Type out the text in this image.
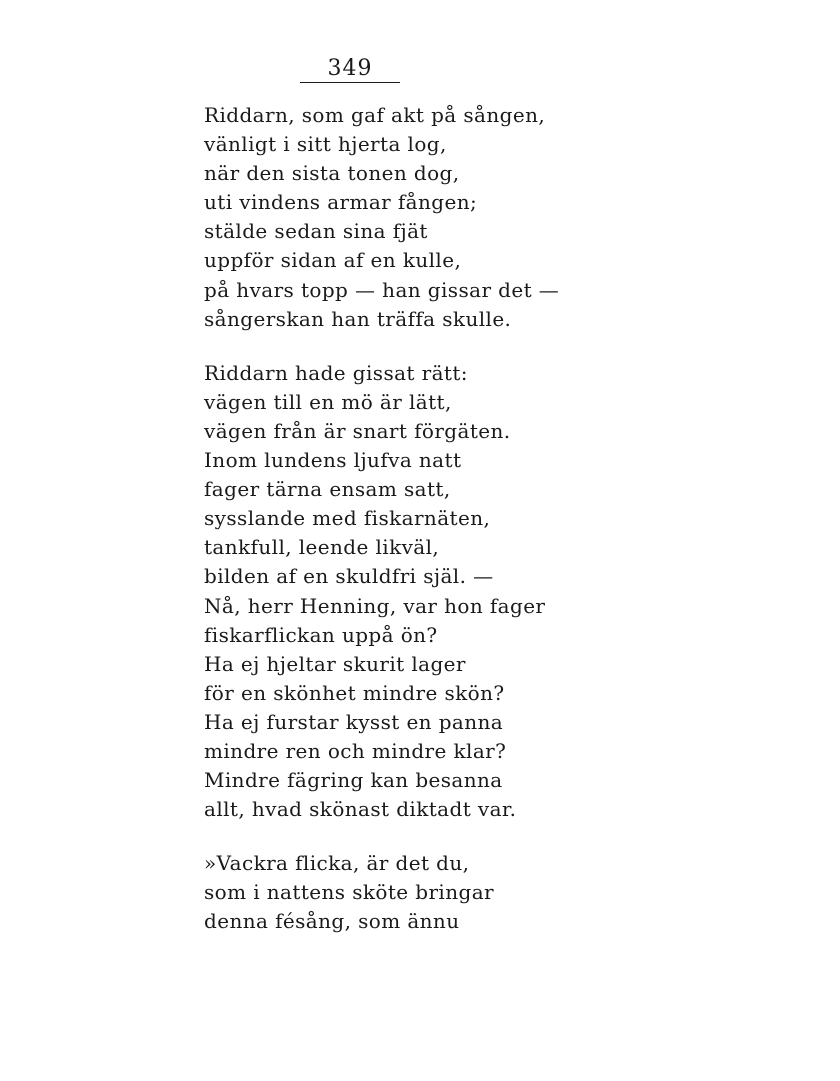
349
Riddarn, som gaf akt på sången,
vänligt i sitt hjerta log,
när den sista tonen dog,
uti vindens armar fången;
stälde sedan sina fjät
uppför sidan af en kulle,
på hvars topp — han gissar det —
sångerskan han träffa skulle.
Riddarn hade gissat rätt:
vägen till en mö är lätt,
vägen från är snart förgäten.
Inom lundens ljufva natt
fager tärna ensam satt,
sysslande med fiskarnäten,
tankfull, leende likväl,
bilden af en skuldfri själ. —
Nå, herr Henning, var hon fager
fiskarflickan uppå ön?
Ha ej hjeltar skurit lager
för en skönhet mindre skön?
Ha ej furstar kysst en panna
mindre ren och mindre klar?
Mindre fägring kan besanna
allt, hvad skönast diktadt var.
»Vackra flicka, är det du,
som i nattens sköte bringar
denna fésång, som ännu
